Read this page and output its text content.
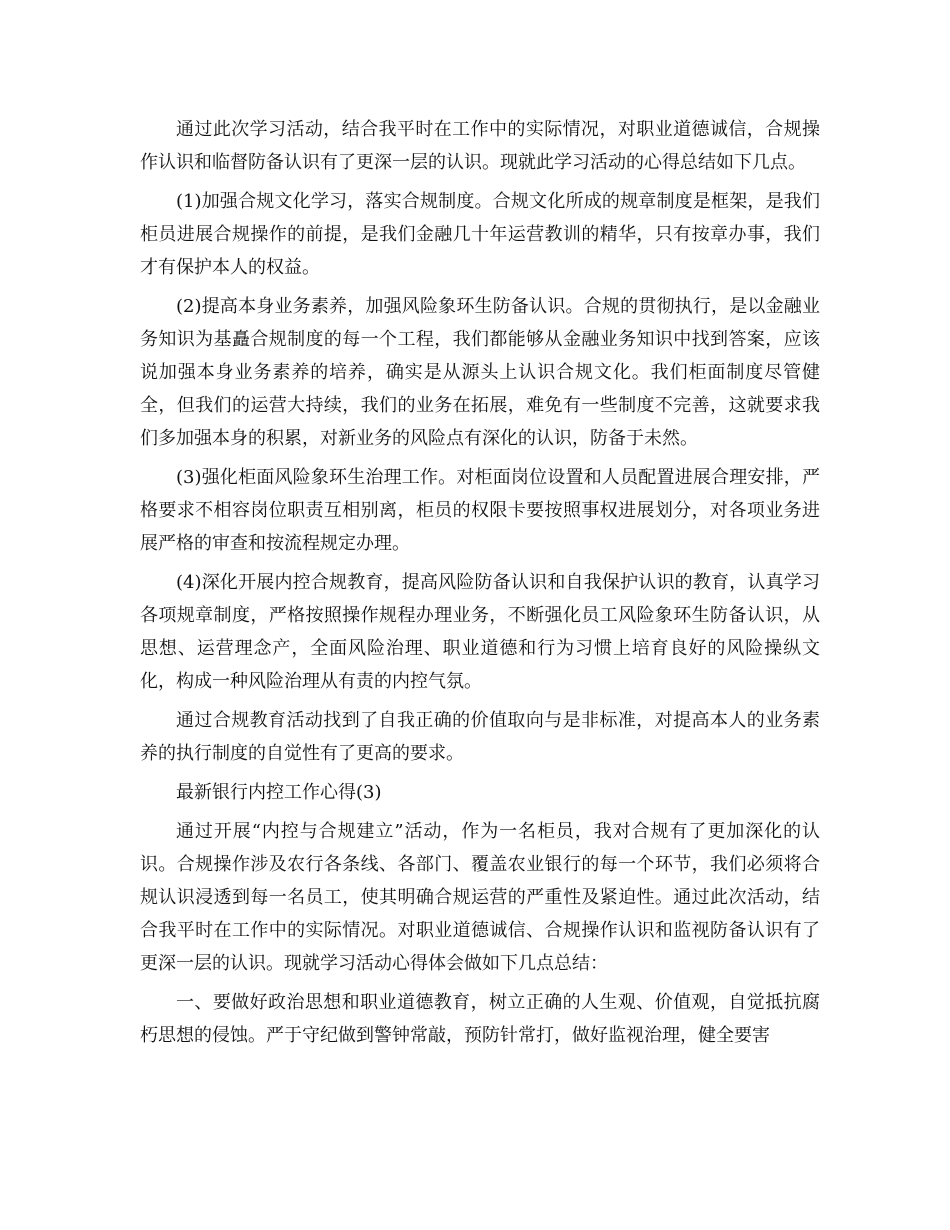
通过此次学习活动，结合我平时在工作中的实际情况，对职业道德诚信，合规操作认识和临督防备认识有了更深一层的认识。现就此学习活动的心得总结如下几点。

(1)加强合规文化学习，落实合规制度。合规文化所成的规章制度是框架，是我们柜员进展合规操作的前提，是我们金融几十年运营教训的精华，只有按章办事，我们才有保护本人的权益。

(2)提高本身业务素养，加强风险象环生防备认识。合规的贯彻执行，是以金融业务知识为基矗合规制度的每一个工程，我们都能够从金融业务知识中找到答案，应该说加强本身业务素养的培养，确实是从源头上认识合规文化。我们柜面制度尽管健全，但我们的运营大持续，我们的业务在拓展，难免有一些制度不完善，这就要求我们多加强本身的积累，对新业务的风险点有深化的认识，防备于未然。

(3)强化柜面风险象环生治理工作。对柜面岗位设置和人员配置进展合理安排，严格要求不相容岗位职责互相别离，柜员的权限卡要按照事权进展划分，对各项业务进展严格的审查和按流程规定办理。

(4)深化开展内控合规教育，提高风险防备认识和自我保护认识的教育，认真学习各项规章制度，严格按照操作规程办理业务，不断强化员工风险象环生防备认识，从思想、运营理念产，全面风险治理、职业道德和行为习惯上培育良好的风险操纵文化，构成一种风险治理从有责的内控气氛。

通过合规教育活动找到了自我正确的价值取向与是非标准，对提高本人的业务素养的执行制度的自觉性有了更高的要求。

最新银行内控工作心得(3)

通过开展“内控与合规建立”活动，作为一名柜员，我对合规有了更加深化的认识。合规操作涉及农行各条线、各部门、覆盖农业银行的每一个环节，我们必须将合规认识浸透到每一名员工，使其明确合规运营的严重性及紧迫性。通过此次活动，结合我平时在工作中的实际情况。对职业道德诚信、合规操作认识和监视防备认识有了更深一层的认识。现就学习活动心得体会做如下几点总结：

一、要做好政治思想和职业道德教育，树立正确的人生观、价值观，自觉抵抗腐朽思想的侵蚀。严于守纪做到警钟常敲，预防针常打，做好监视治理，健全要害
